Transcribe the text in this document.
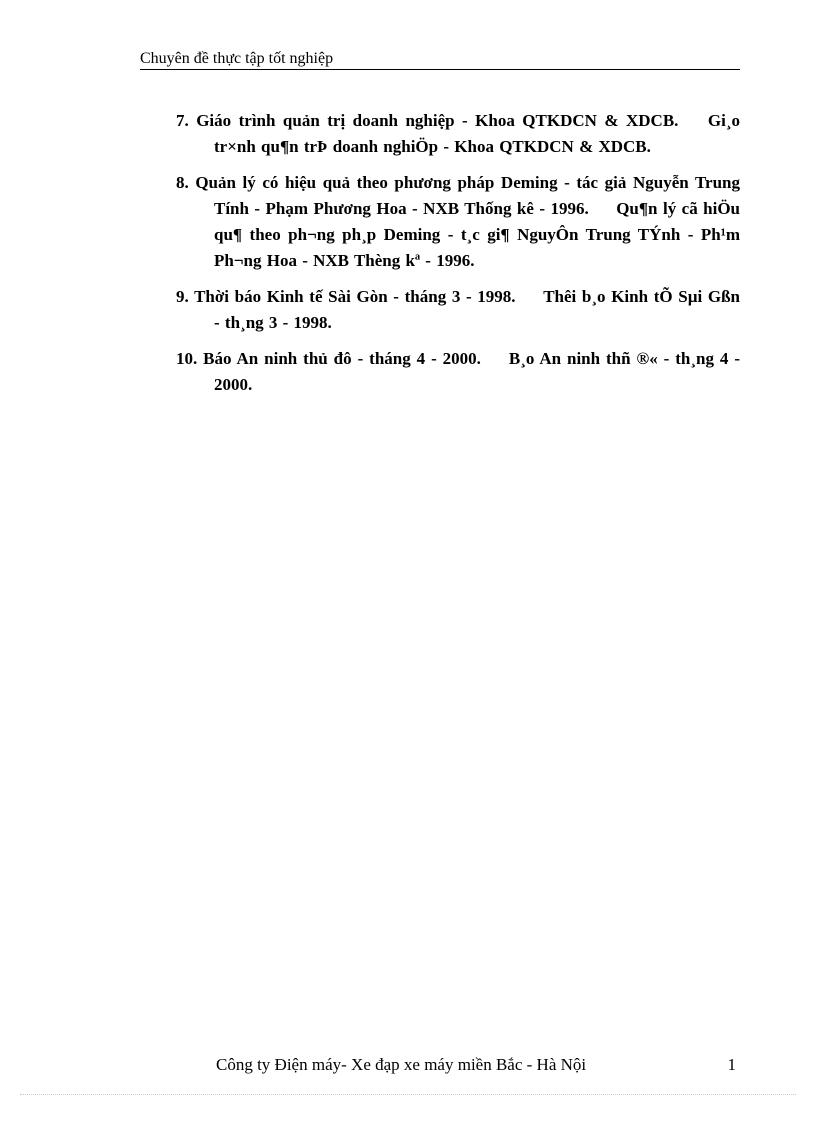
Chuyên đề thực tập tốt nghiệp
7. Giáo trình quản trị doanh nghiệp - Khoa QTKDCN & XDCB. Gi¸o tr×nh qu¶n trÞ doanh nghiÖp - Khoa QTKDCN & XDCB.
8. Quản lý có hiệu quả theo phương pháp Deming - tác giả Nguyễn Trung Tính - Phạm Phương Hoa - NXB Thống kê - 1996. Qu¶n lý cã hiÖu qu¶ theo ph¬ng ph¸p Deming - t¸c gi¶ NguyÔn Trung TÝnh - Ph¹m Ph¬ng Hoa - NXB Thèng kª - 1996.
9. Thời báo Kinh tế Sài Gòn - tháng 3 - 1998. Thêi b¸o Kinh tÕ Sµi Gßn - th¸ng 3 - 1998.
10. Báo An ninh thủ đô - tháng 4 - 2000. B¸o An ninh thñ ®« - th¸ng 4 - 2000.
Công ty Điện máy- Xe đạp xe máy miền Bắc - Hà Nội	1
